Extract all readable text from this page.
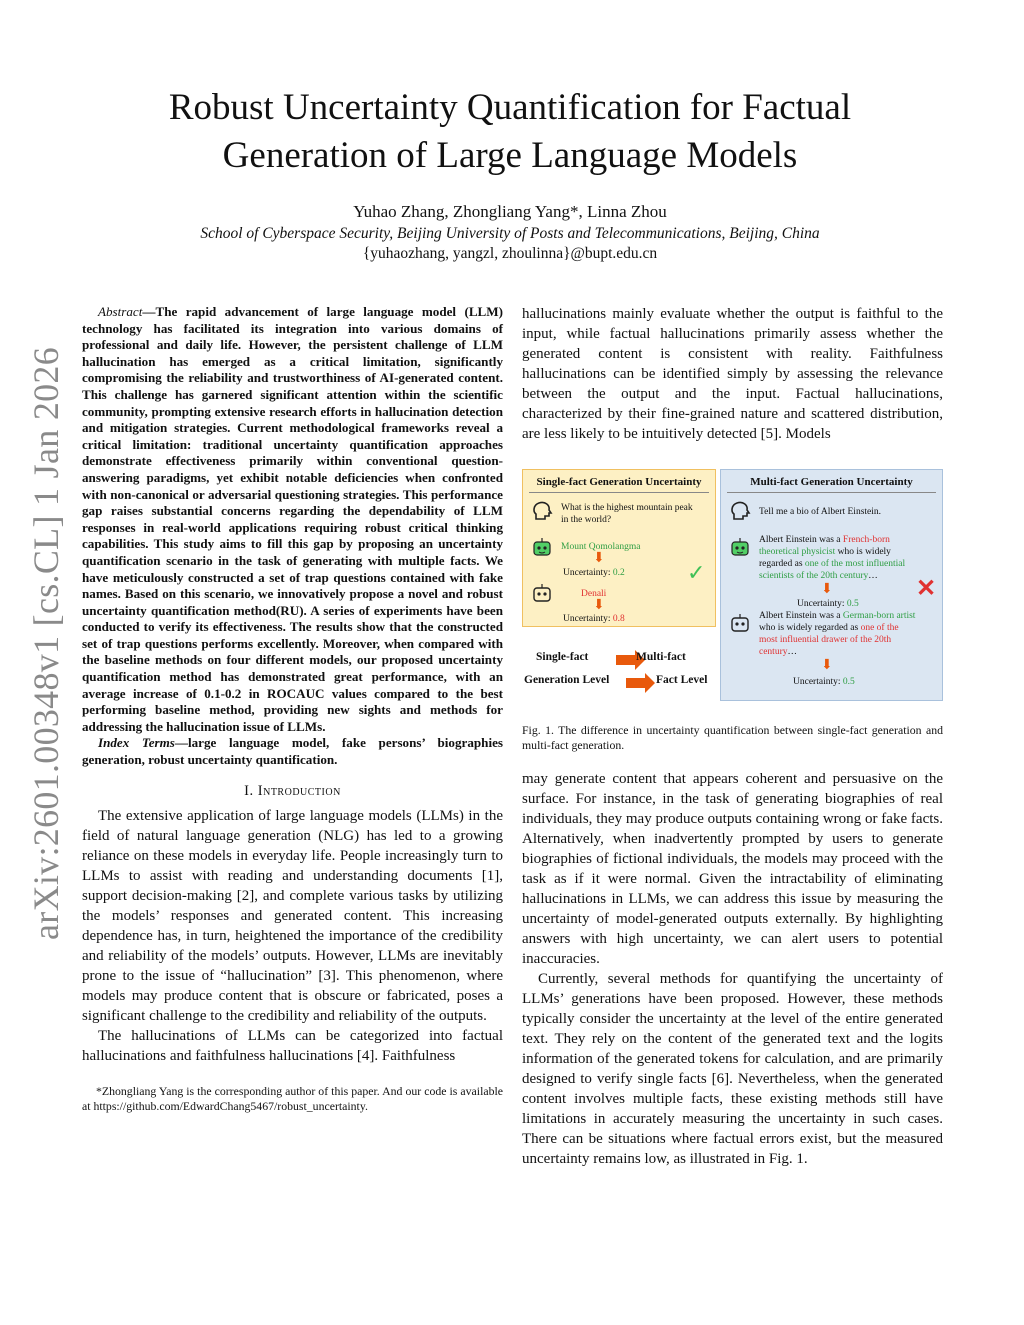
arXiv:2601.00348v1 [cs.CL] 1 Jan 2026
Robust Uncertainty Quantification for Factual Generation of Large Language Models
Yuhao Zhang, Zhongliang Yang*, Linna Zhou
School of Cyberspace Security, Beijing University of Posts and Telecommunications, Beijing, China
{yuhaozhang, yangzl, zhoulinna}@bupt.edu.cn

Abstract—The rapid advancement of large language model (LLM) technology has facilitated its integration into various domains of professional and daily life. However, the persistent challenge of LLM hallucination has emerged as a critical limitation, significantly compromising the reliability and trustworthiness of AI-generated content. This challenge has garnered significant attention within the scientific community, prompting extensive research efforts in hallucination detection and mitigation strategies. Current methodological frameworks reveal a critical limitation: traditional uncertainty quantification approaches demonstrate effectiveness primarily within conventional question-answering paradigms, yet exhibit notable deficiencies when confronted with non-canonical or adversarial questioning strategies. This performance gap raises substantial concerns regarding the dependability of LLM responses in real-world applications requiring robust critical thinking capabilities. This study aims to fill this gap by proposing an uncertainty quantification scenario in the task of generating with multiple facts. We have meticulously constructed a set of trap questions contained with fake names. Based on this scenario, we innovatively propose a novel and robust uncertainty quantification method(RU). A series of experiments have been conducted to verify its effectiveness. The results show that the constructed set of trap questions performs excellently. Moreover, when compared with the baseline methods on four different models, our proposed uncertainty quantification method has demonstrated great performance, with an average increase of 0.1-0.2 in ROCAUC values compared to the best performing baseline method, providing new sights and methods for addressing the hallucination issue of LLMs.

Index Terms—large language model, fake persons’ biographies generation, robust uncertainty quantification.

I. Introduction

The extensive application of large language models (LLMs) in the field of natural language generation (NLG) has led to a growing reliance on these models in everyday life. People increasingly turn to LLMs to assist with reading and understanding documents [1], support decision-making [2], and complete various tasks by utilizing the models’ responses and generated content. This increasing dependence has, in turn, heightened the importance of the credibility and reliability of the models’ outputs. However, LLMs are inevitably prone to the issue of “hallucination” [3]. This phenomenon, where models may produce content that is obscure or fabricated, poses a significant challenge to the credibility and reliability of the outputs.

The hallucinations of LLMs can be categorized into factual hallucinations and faithfulness hallucinations [4]. Faithfulness

*Zhongliang Yang is the corresponding author of this paper. And our code is available at https://github.com/EdwardChang5467/robust_uncertainty.

hallucinations mainly evaluate whether the output is faithful to the input, while factual hallucinations primarily assess whether the generated content is consistent with reality. Faithfulness hallucinations can be identified simply by assessing the relevance between the output and the input. Factual hallucinations, characterized by their fine-grained nature and scattered distribution, are less likely to be intuitively detected [5]. Models

Single-fact Generation Uncertainty
What is the highest mountain peak in the world?
Mount Qomolangma
⬇
Uncertainty: 0.2	✓
Denali
⬇
Uncertainty: 0.8
Single-fact	Multi-fact
Generation Level	Fact Level
Multi-fact Generation Uncertainty
Tell me a bio of Albert Einstein.
Albert Einstein was a French-born theoretical physicist who is widely regarded as one of the most influential scientists of the 20th century…
⬇
Uncertainty: 0.5
✕
Albert Einstein was a German-born artist who is widely regarded as one of the most influential drawer of the 20th century…
⬇
Uncertainty: 0.5
Fig. 1. The difference in uncertainty quantification between single-fact generation and multi-fact generation.

may generate content that appears coherent and persuasive on the surface. For instance, in the task of generating biographies of real individuals, they may produce outputs containing wrong or fake facts. Alternatively, when inadvertently prompted by users to generate biographies of fictional individuals, the models may proceed with the task as if it were normal. Given the intractability of eliminating hallucinations in LLMs, we can address this issue by measuring the uncertainty of model-generated outputs externally. By highlighting answers with high uncertainty, we can alert users to potential inaccuracies.

Currently, several methods for quantifying the uncertainty of LLMs’ generations have been proposed. However, these methods typically consider the uncertainty at the level of the entire generated text. They rely on the content of the generated text and the logits information of the generated tokens for calculation, and are primarily designed to verify single facts [6]. Nevertheless, when the generated content involves multiple facts, these existing methods still have limitations in accurately measuring the uncertainty in such cases. There can be situations where factual errors exist, but the measured uncertainty remains low, as illustrated in Fig. 1.
